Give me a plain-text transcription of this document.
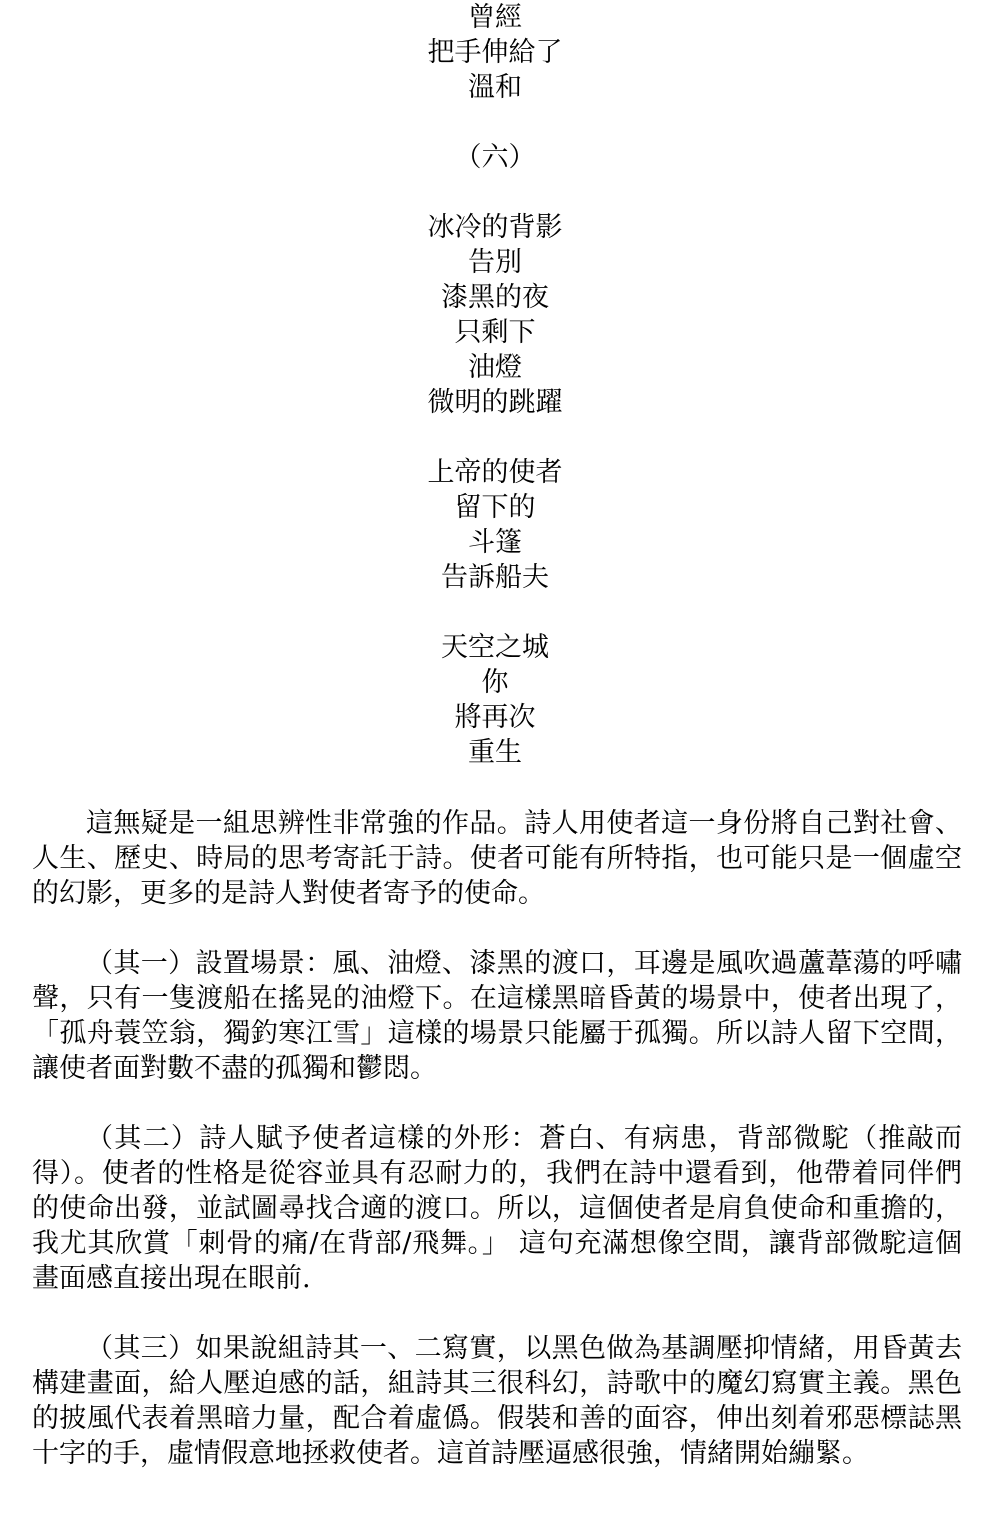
曾經
把手伸給了
溫和
（六）
冰冷的背影
告別
漆黑的夜
只剩下
油燈
微明的跳躍
上帝的使者
留下的
斗篷
告訴船夫
天空之城
你
將再次
重生

這無疑是一組思辨性非常強的作品。詩人用使者這一身份將自己對社會、人生、歷史、時局的思考寄託于詩。使者可能有所特指，也可能只是一個虛空的幻影，更多的是詩人對使者寄予的使命。

（其一）設置場景：風、油燈、漆黑的渡口，耳邊是風吹過蘆葦蕩的呼嘯聲，只有一隻渡船在搖晃的油燈下。在這樣黑暗昏黃的場景中，使者出現了，「孤舟蓑笠翁，獨釣寒江雪」這樣的場景只能屬于孤獨。所以詩人留下空間，讓使者面對數不盡的孤獨和鬱悶。

（其二）詩人賦予使者這樣的外形：蒼白、有病患，背部微駝（推敲而得）。使者的性格是從容並具有忍耐力的，我們在詩中還看到，他帶着同伴們的使命出發，並試圖尋找合適的渡口。所以，這個使者是肩負使命和重擔的，我尤其欣賞「刺骨的痛/在背部/飛舞。」 這句充滿想像空間，讓背部微駝這個畫面感直接出現在眼前.

（其三）如果說組詩其一、二寫實，以黑色做為基調壓抑情緒，用昏黃去構建畫面，給人壓迫感的話，組詩其三很科幻，詩歌中的魔幻寫實主義。黑色的披風代表着黑暗力量，配合着虛僞。假裝和善的面容，伸出刻着邪惡標誌黑十字的手，虛情假意地拯救使者。這首詩壓逼感很強，情緒開始繃緊。
